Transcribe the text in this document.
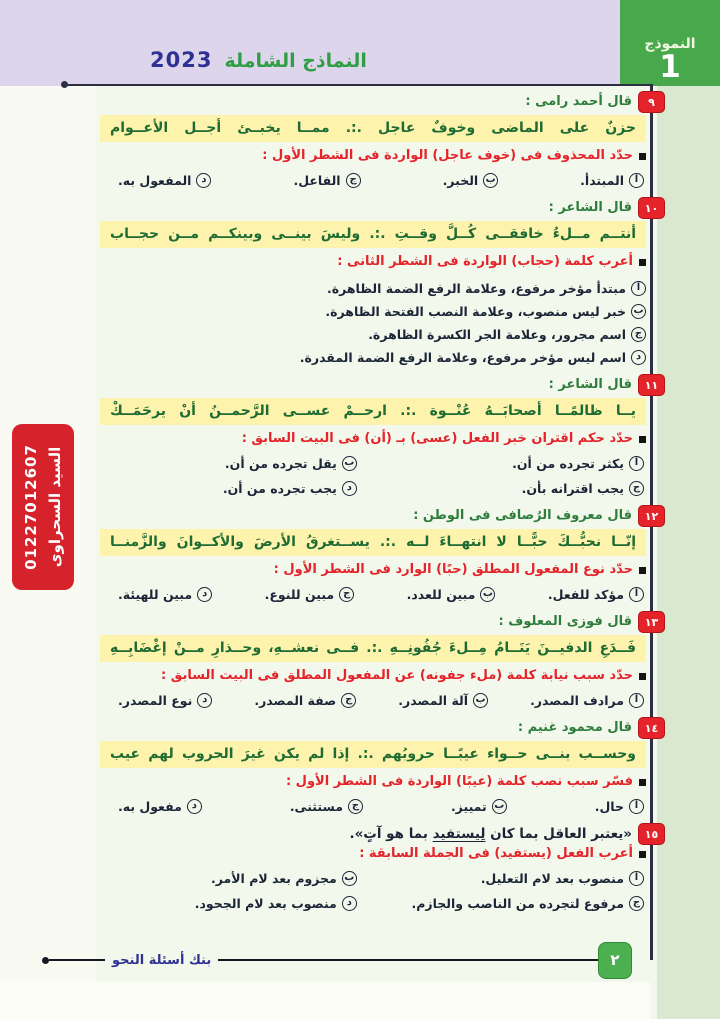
النماذج الشاملة
2023
النموذج
1
٩
قال أحمد رامى :
حزنٌ على الماضى وخوفٌ عاجل .:. ممــا يخبــئ أجــل الأعــوام
حدّد المحذوف فى (خوف عاجل) الواردة فى الشطر الأول :
ا
المبتدأ.
ب
الخبر.
ج
الفاعل.
د
المفعول به.
١٠
قال الشاعر :
أنتــم مــلءُ خافقــى كُــلَّ وقــتِ .:. وليسَ بينــى وبينكــم مــن حجــاب
أعرب كلمة (حجاب) الواردة فى الشطر الثانى :
ا
مبتدأ مؤخر مرفوع، وعلامة الرفع الضمة الظاهرة.
ب
خبر ليس منصوب، وعلامة النصب الفتحة الظاهرة.
ج
اسم مجرور، وعلامة الجر الكسرة الظاهرة.
د
اسم ليس مؤخر مرفوع، وعلامة الرفع الضمة المقدرة.
١١
قال الشاعر :
يــا ظالمًــا أصحابَــهُ عُنْــوة .:. ارحــمْ عســى الرَّحمــنُ أنْ يرحَمَــكْ
حدّد حكم اقتران خبر الفعل (عسى) بـ (أن) فى البيت السابق :
ا
يكثر تجرده من أن.
ب
يقل تجرده من أن.
ج
يجب اقترانه بأن.
د
يجب تجرده من أن.
١٢
قال معروف الرُصافى فى الوطن :
إنّــا نحبُّــكَ حبًّــا لا انتهــاءَ لــه .:. يســتغرقُ الأرضَ والأكــوانَ والزَّمنــا
حدّد نوع المفعول المطلق (حبًا) الوارد فى الشطر الأول :
ا
مؤكد للفعل.
ب
مبين للعدد.
ج
مبين للنوع.
د
مبين للهيئة.
١٣
قال فوزى المعلوف :
فَــدَعِ الدفيــنَ يَنَــامُ مِــلءَ جُفُونِــهِ .:. فــى نعشــهِ، وحــذارِ مــنْ إغْضَابِــهِ
حدّد سبب نيابة كلمة (ملء جفونه) عن المفعول المطلق فى البيت السابق :
ا
مرادف المصدر.
ب
آلة المصدر.
ج
صفة المصدر.
د
نوع المصدر.
١٤
قال محمود غنيم :
وحســب بنــى حــواء عيبًــا حروبُهم .:. إذا لم يكن غيرَ الحروب لهم عيب
فسّر سبب نصب كلمة (عيبًا) الواردة فى الشطر الأول :
ا
حال.
ب
تمييز.
ج
مستثنى.
د
مفعول به.
١٥
«يعتبر العاقل بما كان لِيستفيد بما هو آتٍ».
أعرب الفعل (يستفيد) فى الجملة السابقة :
ا
منصوب بعد لام التعليل.
ب
مجزوم بعد لام الأمر.
ج
مرفوع لتجرده من الناصب والجازم.
د
منصوب بعد لام الجحود.
01227012607 السيد السحراوى
٢
بنك أسئلة النحو
